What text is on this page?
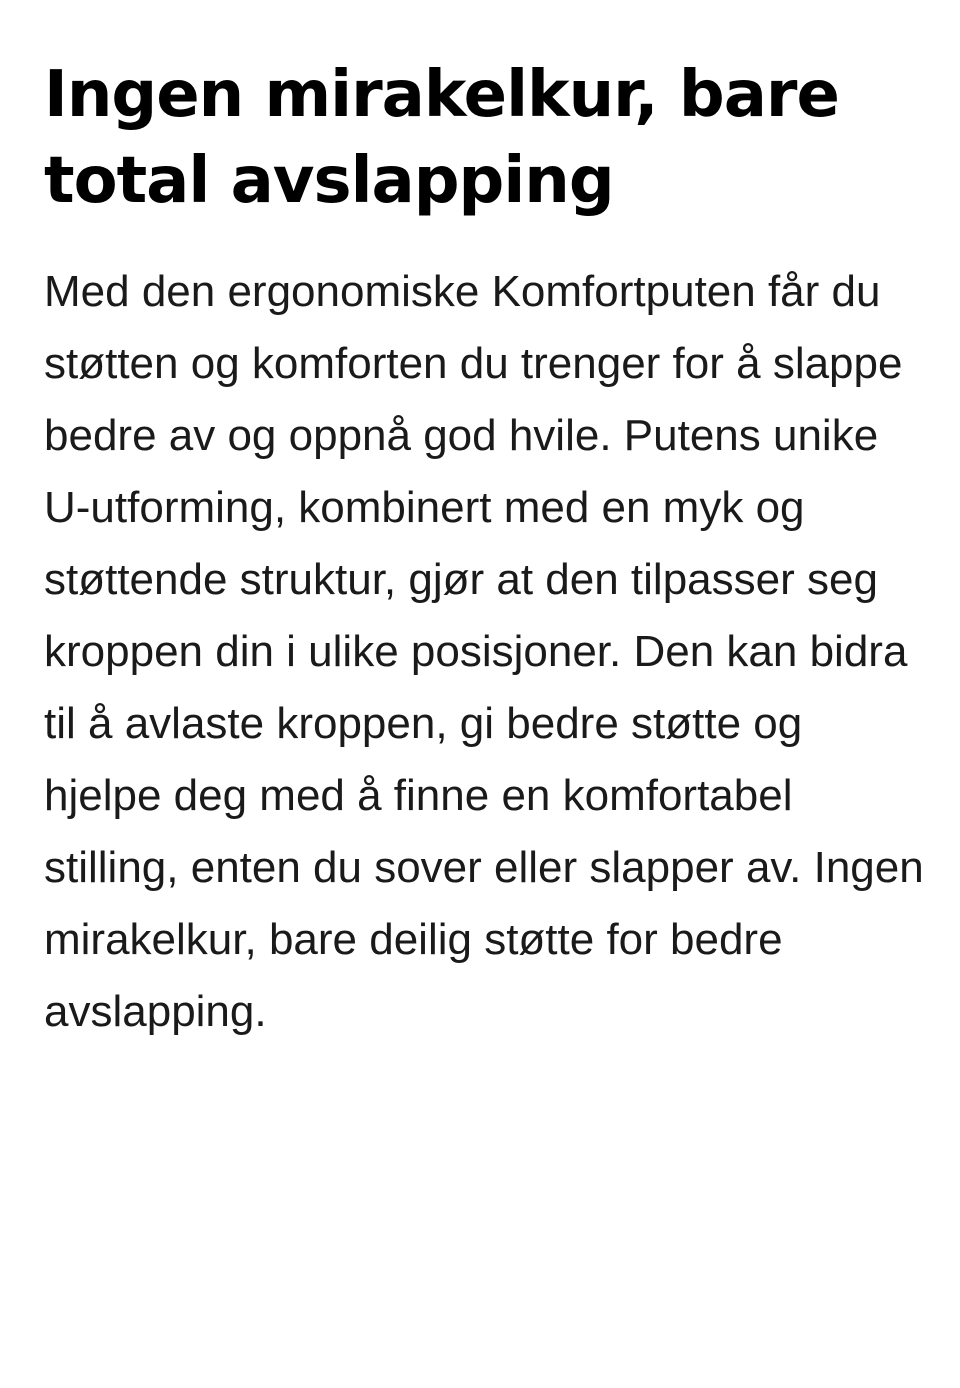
Ingen mirakelkur, bare total avslapping

Med den ergonomiske Komfortputen får du støtten og komforten du trenger for å slappe bedre av og oppnå god hvile. Putens unike U-utforming, kombinert med en myk og støttende struktur, gjør at den tilpasser seg kroppen din i ulike posisjoner. Den kan bidra til å avlaste kroppen, gi bedre støtte og hjelpe deg med å finne en komfortabel stilling, enten du sover eller slapper av. Ingen mirakelkur, bare deilig støtte for bedre avslapping.
